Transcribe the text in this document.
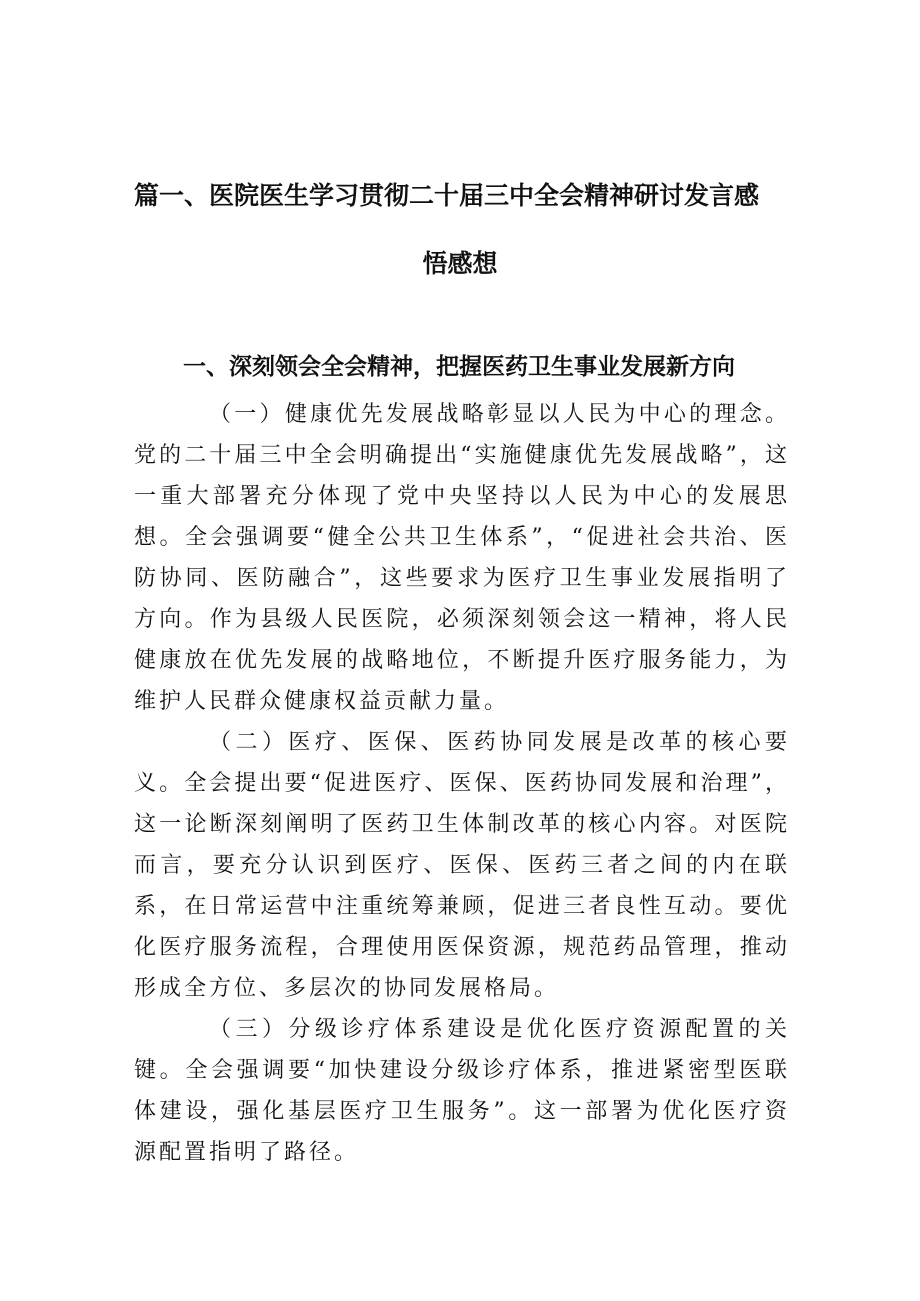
篇一、医院医生学习贯彻二十届三中全会精神研讨发言感
悟感想
一、深刻领会全会精神，把握医药卫生事业发展新方向

（一）健康优先发展战略彰显以人民为中心的理念。党的二十届三中全会明确提出“实施健康优先发展战略”，这一重大部署充分体现了党中央坚持以人民为中心的发展思想。全会强调要“健全公共卫生体系”，“促进社会共治、医防协同、医防融合”，这些要求为医疗卫生事业发展指明了方向。作为县级人民医院，必须深刻领会这一精神，将人民健康放在优先发展的战略地位，不断提升医疗服务能力，为维护人民群众健康权益贡献力量。

（二）医疗、医保、医药协同发展是改革的核心要义。全会提出要“促进医疗、医保、医药协同发展和治理”，这一论断深刻阐明了医药卫生体制改革的核心内容。对医院而言，要充分认识到医疗、医保、医药三者之间的内在联系，在日常运营中注重统筹兼顾，促进三者良性互动。要优化医疗服务流程，合理使用医保资源，规范药品管理，推动形成全方位、多层次的协同发展格局。

（三）分级诊疗体系建设是优化医疗资源配置的关键。全会强调要“加快建设分级诊疗体系，推进紧密型医联体建设，强化基层医疗卫生服务”。这一部署为优化医疗资源配置指明了路径。
